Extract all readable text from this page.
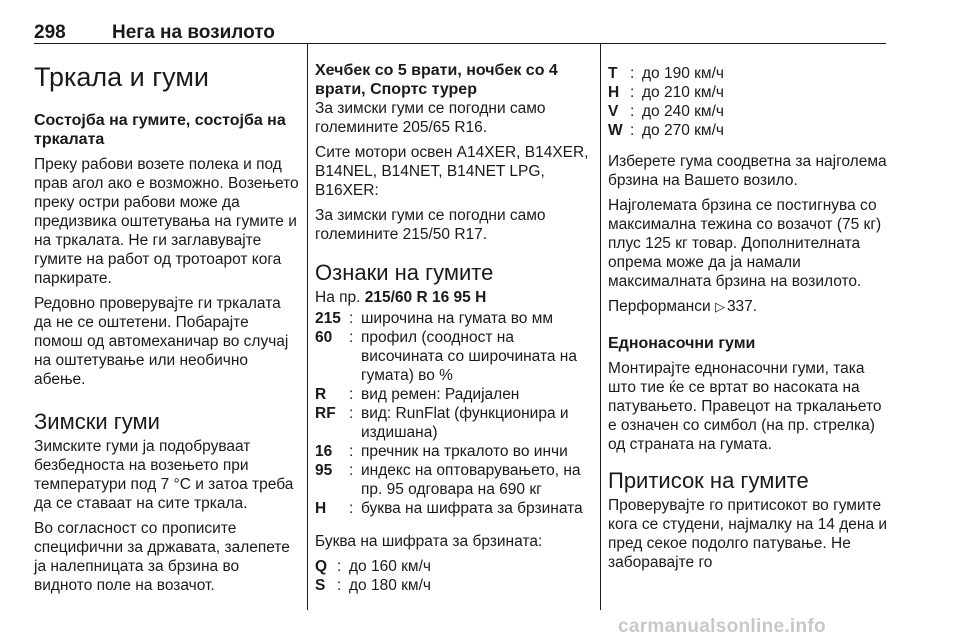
298 Нега на возилото
Тркала и гуми
Состојба на гумите, состојба на тркалата

Преку рабови возете полека и под прав агол ако е возможно. Возењето преку остри рабови може да предизвика оштетувања на гумите и на тркалата. Не ги заглавувајте гумите на работ од тротоарот кога паркирате.

Редовно проверувајте ги тркалата да не се оштетени. Побарајте помош од автомеханичар во случај на оштетување или необично абење.

Зимски гуми

Зимските гуми ја подобруваат безбедноста на возењето при температури под 7 °C и затоа треба да се ставаат на сите тркала.

Во согласност со прописите специфични за државата, залепете ја налепницата за брзина во видното поле на возачот.

Хечбек со 5 врати, ночбек со 4 врати, Спортс турер

За зимски гуми се погодни само големините 205/65 R16.

Сите мотори освен A14XER, B14XER, B14NEL, B14NET, B14NET LPG, B16XER:

За зимски гуми се погодни само големините 215/50 R17.

Ознаки на гумите

На пр. 215/60 R 16 95 H

215 : широчина на гумата во мм
60	: профил (соодност на височината со широчината на гумата) во %
R	: вид ремен: Радијален
RF : вид: RunFlat (функционира и издишана)
16	: пречник на тркалото во инчи
95	: индекс на оптоварувањето, на пр. 95 одговара на 690 кг
H	: буква на шифрата за брзината

Буква на шифрата за брзината:

Q : до 160 км/ч
S : до 180 км/ч
T : до 190 км/ч
H : до 210 км/ч
V : до 240 км/ч
W : до 270 км/ч

Изберете гума соодветна за најголема брзина на Вашето возило.

Најголемата брзина се постигнува со максимална тежина со возачот (75 кг) плус 125 кг товар. Дополнителната опрема може да ја намали максималната брзина на возилото.

Перформанси ▷ 337.

Еднонасочни гуми

Монтирајте еднонасочни гуми, така што тие ќе се вртат во насоката на патувањето. Правецот на тркалањето е означен со симбол (на пр. стрелка) од страната на гумата.

Притисок на гумите

Проверувајте го притисокот во гумите кога се студени, најмалку на 14 дена и пред секое подолго патување. Не заборавајте го

carmanualsonline.info
